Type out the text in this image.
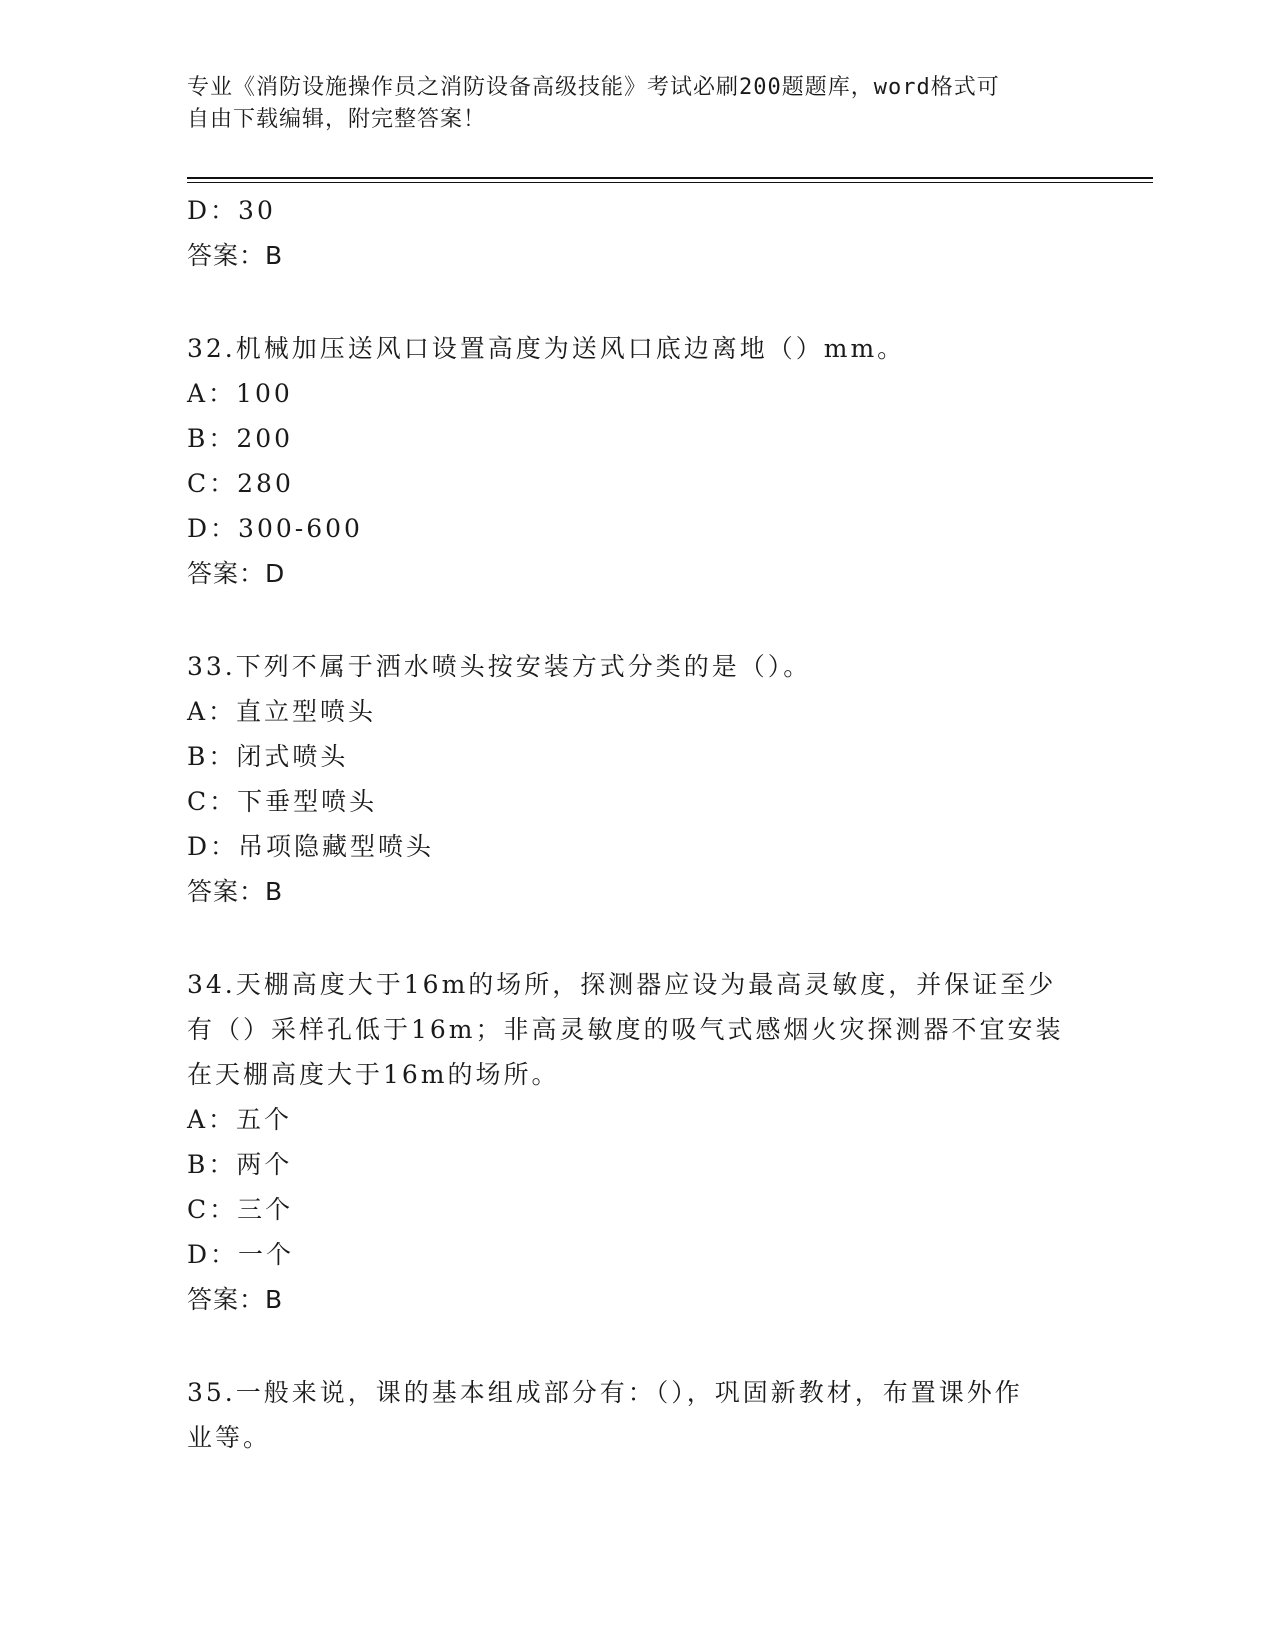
专业《消防设施操作员之消防设备高级技能》考试必刷200题题库，word格式可
自由下载编辑，附完整答案！
D：30
答案：B
32.机械加压送风口设置高度为送风口底边离地（）mm。
A：100
B：200
C：280
D：300-600
答案：D
33.下列不属于洒水喷头按安装方式分类的是（）。
A：直立型喷头
B：闭式喷头
C：下垂型喷头
D：吊项隐藏型喷头
答案：B
34.天棚高度大于16m的场所，探测器应设为最高灵敏度，并保证至少
有（）采样孔低于16m；非高灵敏度的吸气式感烟火灾探测器不宜安装
在天棚高度大于16m的场所。
A：五个
B：两个
C：三个
D：一个
答案：B
35.一般来说，课的基本组成部分有：（），巩固新教材，布置课外作
业等。
